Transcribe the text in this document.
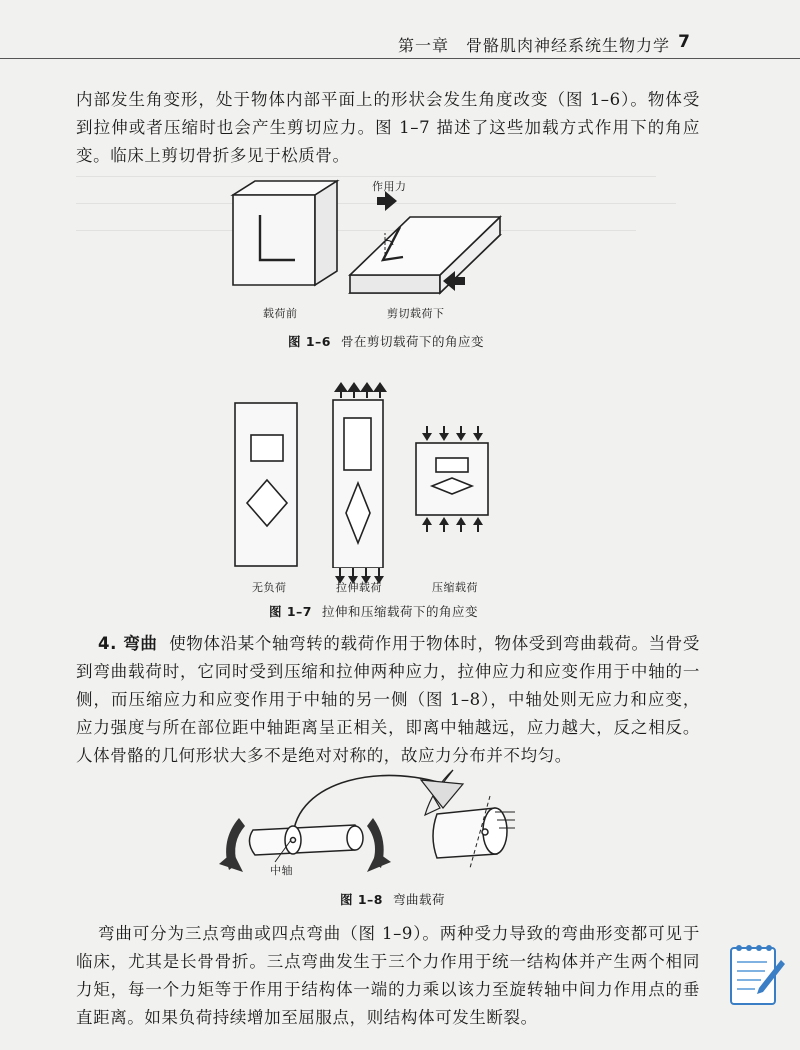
第一章　骨骼肌肉神经系统生物力学 7

内部发生角变形，处于物体内部平面上的形状会发生角度改变（图 1–6）。物体受到拉伸或者压缩时也会产生剪切应力。图 1–7 描述了这些加载方式作用下的角应变。临床上剪切骨折多见于松质骨。

作用力
载荷前	剪切载荷下
图 1–6 骨在剪切载荷下的角应变
无负荷	拉伸载荷	压缩载荷
图 1–7 拉伸和压缩载荷下的角应变

4. 弯曲 使物体沿某个轴弯转的载荷作用于物体时，物体受到弯曲载荷。当骨受到弯曲载荷时，它同时受到压缩和拉伸两种应力，拉伸应力和应变作用于中轴的一侧，而压缩应力和应变作用于中轴的另一侧（图 1–8），中轴处则无应力和应变，应力强度与所在部位距中轴距离呈正相关，即离中轴越远，应力越大，反之相反。人体骨骼的几何形状大多不是绝对对称的，故应力分布并不均匀。

中轴
图 1–8 弯曲载荷

弯曲可分为三点弯曲或四点弯曲（图 1–9）。两种受力导致的弯曲形变都可见于临床，尤其是长骨骨折。三点弯曲发生于三个力作用于统一结构体并产生两个相同力矩，每一个力矩等于作用于结构体一端的力乘以该力至旋转轴中间力作用点的垂直距离。如果负荷持续增加至屈服点，则结构体可发生断裂。
